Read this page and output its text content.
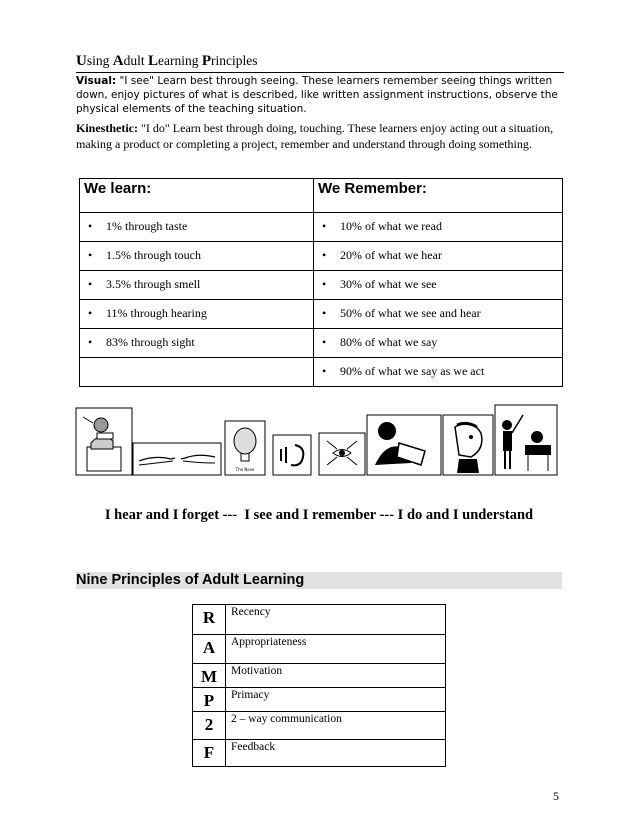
Using Adult Learning Principles
Visual: "I see" Learn best through seeing. These learners remember seeing things written down, enjoy pictures of what is described, like written assignment instructions, observe the physical elements of the teaching situation.
Kinesthetic: "I do" Learn best through doing, touching. These learners enjoy acting out a situation, making a product or completing a project, remember and understand through doing something.
We learn:	We Remember:
• 1% through taste	• 10% of what we read
• 1.5% through touch	• 20% of what we hear
• 3.5% through smell	• 30% of what we see
• 11% through hearing	• 50% of what we see and hear
• 83% through sight	• 80% of what we say
	• 90% of what we say as we act
The Nose
I hear and I forget ---  I see and I remember --- I do and I understand
Nine Principles of Adult Learning
R	Recency
A	Appropriateness
M	Motivation
P	Primacy
2	2 – way communication
F	Feedback
5
